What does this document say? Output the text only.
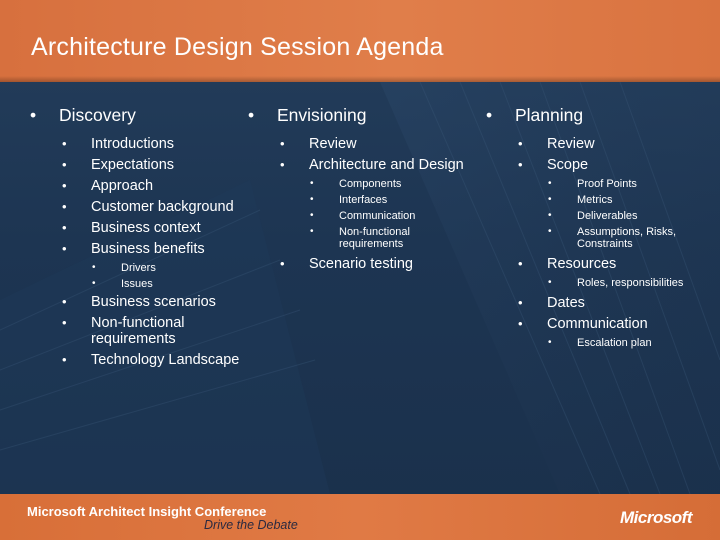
Architecture Design Session Agenda
• Discovery
• Introductions
• Expectations
• Approach
• Customer background
• Business context
• Business benefits
• Drivers
• Issues
• Business scenarios
• Non-functional requirements
• Technology Landscape
• Envisioning
• Review
• Architecture and Design
• Components
• Interfaces
• Communication
• Non-functional requirements
• Scenario testing
• Planning
• Review
• Scope
• Proof Points
• Metrics
• Deliverables
• Assumptions, Risks, Constraints
• Resources
• Roles, responsibilities
• Dates
• Communication
• Escalation plan
Microsoft Architect Insight Conference
Drive the Debate	Microsoft
